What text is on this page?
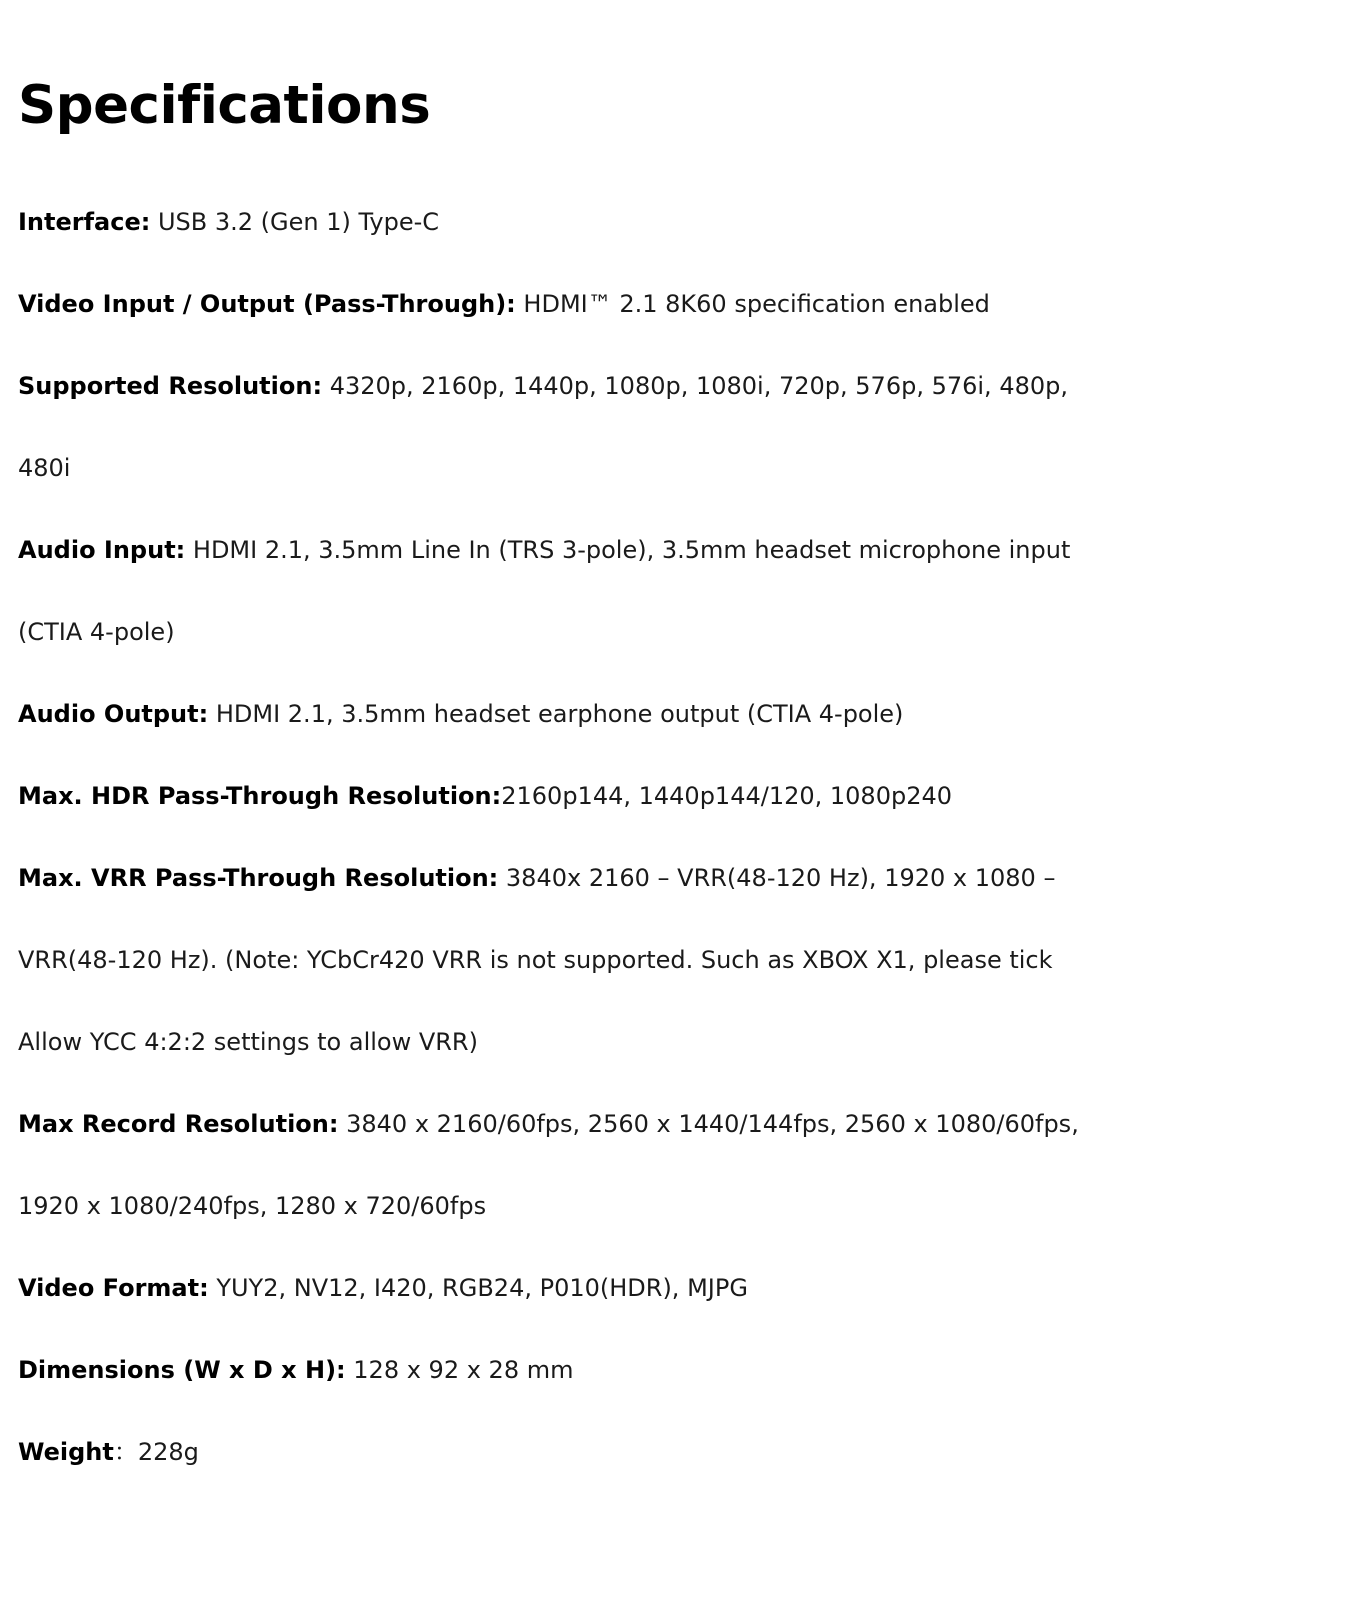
Specifications

Interface: USB 3.2 (Gen 1) Type-C

Video Input / Output (Pass-Through): HDMI™ 2.1 8K60 specification enabled

Supported Resolution: 4320p, 2160p, 1440p, 1080p, 1080i, 720p, 576p, 576i, 480p,

480i

Audio Input: HDMI 2.1, 3.5mm Line In (TRS 3-pole), 3.5mm headset microphone input

(CTIA 4-pole)

Audio Output: HDMI 2.1, 3.5mm headset earphone output (CTIA 4-pole)

Max. HDR Pass-Through Resolution:2160p144, 1440p144/120, 1080p240

Max. VRR Pass-Through Resolution: 3840x 2160 – VRR(48-120 Hz), 1920 x 1080 –

VRR(48-120 Hz). (Note: YCbCr420 VRR is not supported. Such as XBOX X1, please tick

Allow YCC 4:2:2 settings to allow VRR)

Max Record Resolution: 3840 x 2160/60fps, 2560 x 1440/144fps, 2560 x 1080/60fps,

1920 x 1080/240fps, 1280 x 720/60fps

Video Format: YUY2, NV12, I420, RGB24, P010(HDR), MJPG

Dimensions (W x D x H): 128 x 92 x 28 mm

Weight：228g
